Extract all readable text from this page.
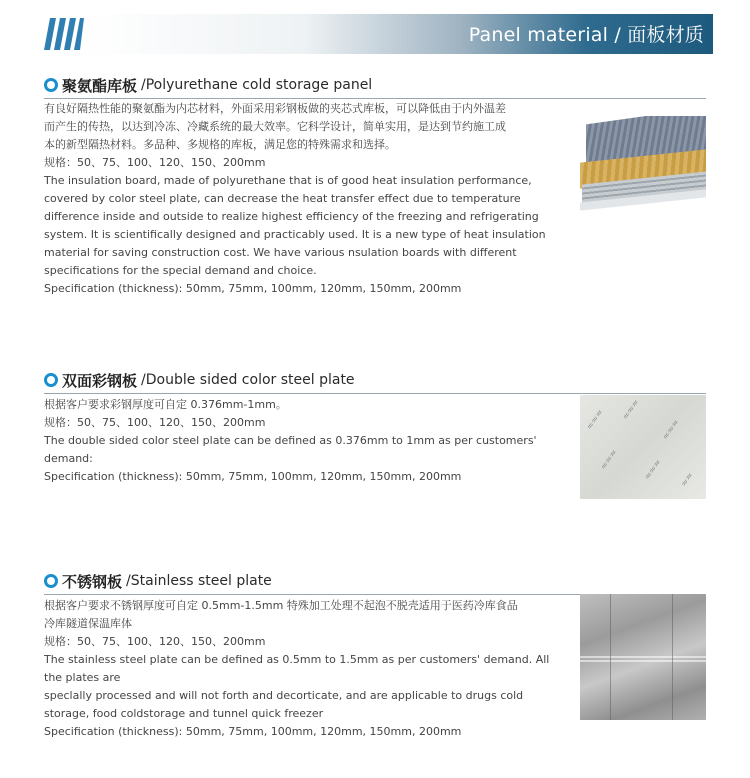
Panel material / 面板材质
聚氨酯库板 /Polyurethane cold storage panel
有良好隔热性能的聚氨酯为内芯材料，外面采用彩钢板做的夹芯式库板，可以降低由于内外温差
而产生的传热，以达到冷冻、冷藏系统的最大效率。它科学设计，简单实用，是达到节约施工成
本的新型隔热材料。多品种、多规格的库板，满足您的特殊需求和选择。
规格：50、75、100、120、150、200mm
The insulation board, made of polyurethane that is of good heat insulation performance,
covered by color steel plate, can decrease the heat transfer effect due to temperature
difference inside and outside to realize highest efficiency of the freezing and refrigerating
system. It is scientifically designed and practicably used. It is a new type of heat insulation
material for saving construction cost. We have various nsulation boards with different
specifications for the special demand and choice.
Specification (thickness): 50mm, 75mm, 100mm, 120mm, 150mm, 200mm
双面彩钢板 /Double sided color steel plate
根据客户要求彩钢厚度可自定 0.376mm-1mm。
规格：50、75、100、120、150、200mm
The double sided color steel plate can be defined as 0.376mm to 1mm as per customers'
demand:
Specification (thickness): 50mm, 75mm, 100mm, 120mm, 150mm, 200mm
≈≈≈ ≈≈≈
≈≈≈
≈≈≈	≈≈≈ ≈≈
不锈钢板 /Stainless steel plate
根据客户要求不锈钢厚度可自定 0.5mm-1.5mm 特殊加工处理不起泡不脱壳适用于医药冷库食品
冷库隧道保温库体
规格：50、75、100、120、150、200mm
The stainless steel plate can be defined as 0.5mm to 1.5mm as per customers' demand. All
the plates are
speclally processed and will not forth and decorticate, and are applicable to drugs cold
storage, food coldstorage and tunnel quick freezer
Specification (thickness): 50mm, 75mm, 100mm, 120mm, 150mm, 200mm
